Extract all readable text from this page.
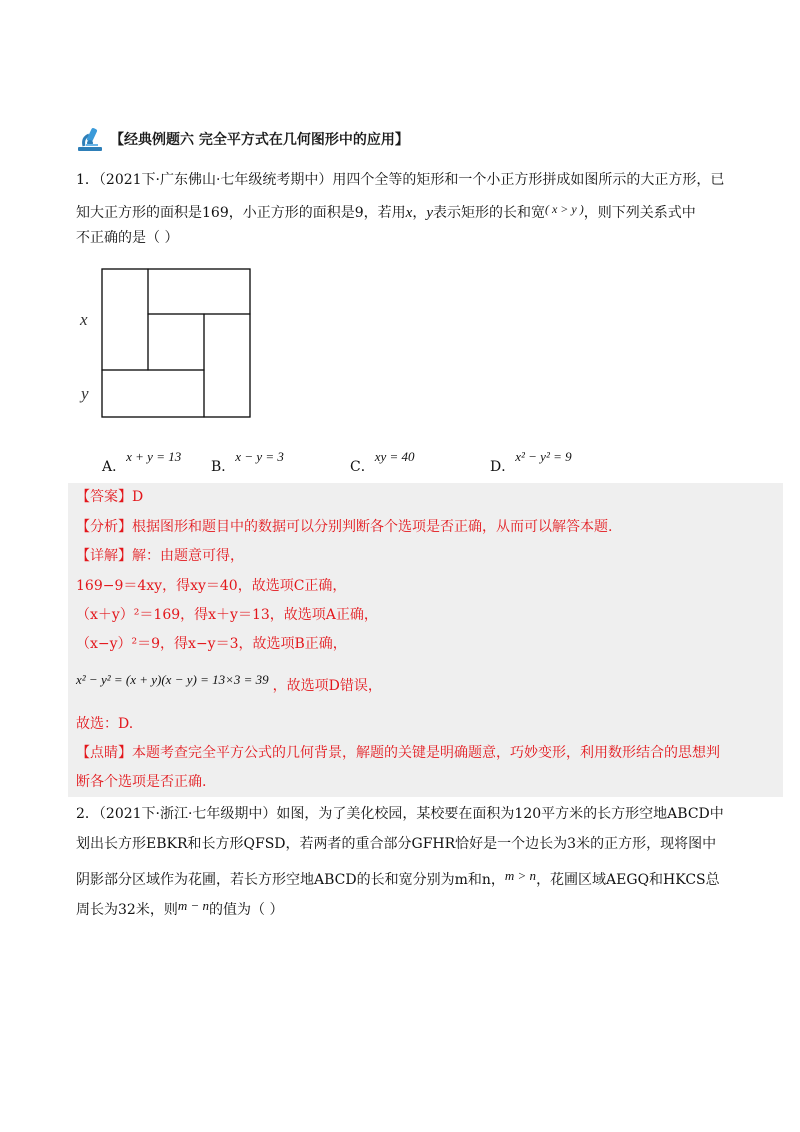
【经典例题六 完全平方式在几何图形中的应用】
1．（2021下·广东佛山·七年级统考期中）用四个全等的矩形和一个小正方形拼成如图所示的大正方形，已
知大正方形的面积是169，小正方形的面积是9，若用x，y表示矩形的长和宽( x > y )，则下列关系式中
不正确的是（ ）
x
y
A．x + y = 13
B．x − y = 3
C．xy = 40
D．x² − y² = 9
【答案】D
【分析】根据图形和题目中的数据可以分别判断各个选项是否正确，从而可以解答本题.
【详解】解：由题意可得，
169−9＝4xy，得xy＝40，故选项C正确，
（x＋y）²＝169，得x＋y＝13，故选项A正确，
（x−y）²＝9，得x−y＝3，故选项B正确，
x² − y² = (x + y)(x − y) = 13×3 = 39 ，故选项D错误，
故选：D.
【点睛】本题考查完全平方公式的几何背景，解题的关键是明确题意，巧妙变形，利用数形结合的思想判
断各个选项是否正确.
2．（2021下·浙江·七年级期中）如图，为了美化校园，某校要在面积为120平方米的长方形空地ABCD中
划出长方形EBKR和长方形QFSD，若两者的重合部分GFHR恰好是一个边长为3米的正方形，现将图中
阴影部分区域作为花圃，若长方形空地ABCD的长和宽分别为m和n，m > n，花圃区域AEGQ和HKCS总
周长为32米，则m − n的值为（ ）
